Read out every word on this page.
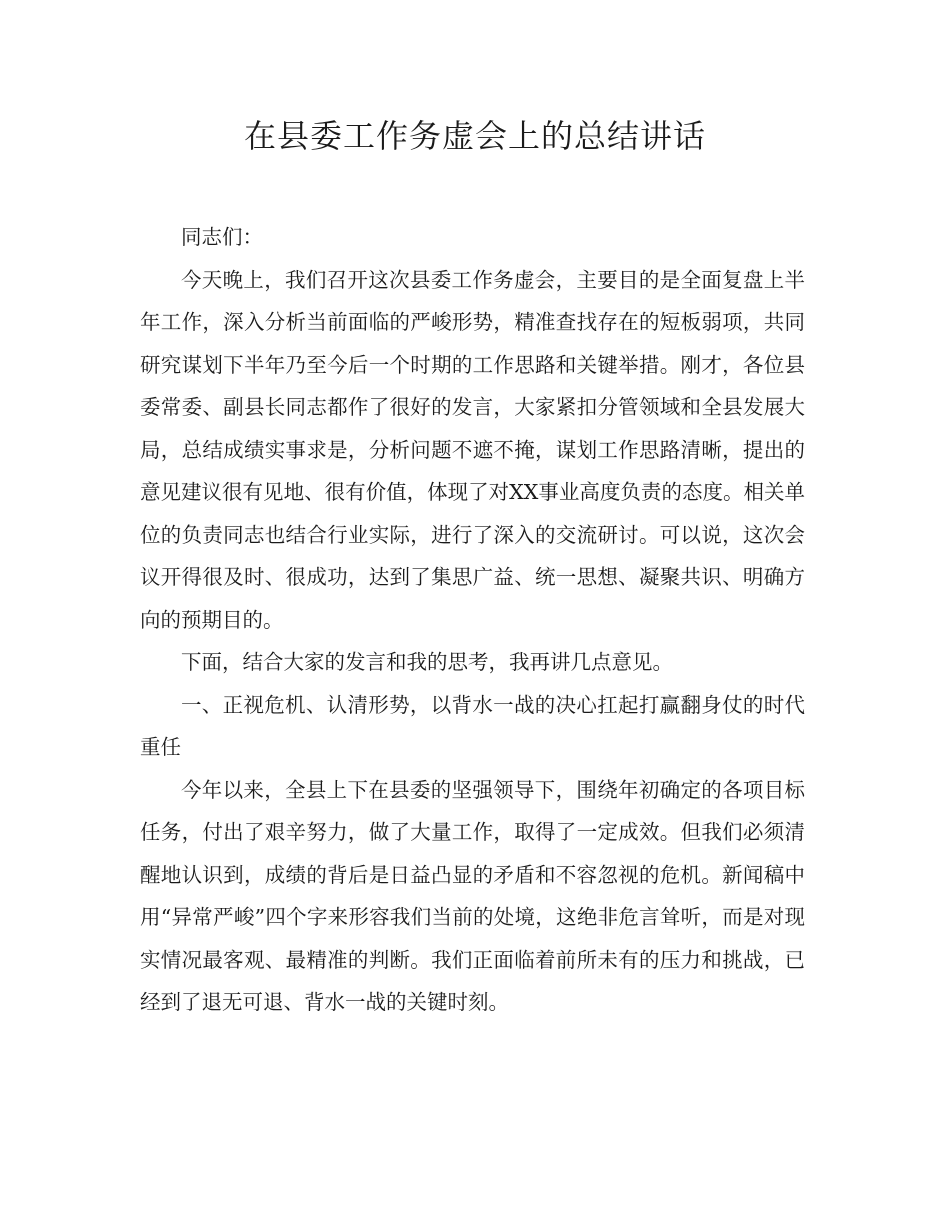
在县委工作务虚会上的总结讲话

同志们：

今天晚上，我们召开这次县委工作务虚会，主要目的是全面复盘上半年工作，深入分析当前面临的严峻形势，精准查找存在的短板弱项，共同研究谋划下半年乃至今后一个时期的工作思路和关键举措。刚才，各位县委常委、副县长同志都作了很好的发言，大家紧扣分管领域和全县发展大局，总结成绩实事求是，分析问题不遮不掩，谋划工作思路清晰，提出的意见建议很有见地、很有价值，体现了对XX事业高度负责的态度。相关单位的负责同志也结合行业实际，进行了深入的交流研讨。可以说，这次会议开得很及时、很成功，达到了集思广益、统一思想、凝聚共识、明确方向的预期目的。

下面，结合大家的发言和我的思考，我再讲几点意见。

一、正视危机、认清形势，以背水一战的决心扛起打赢翻身仗的时代重任

今年以来，全县上下在县委的坚强领导下，围绕年初确定的各项目标任务，付出了艰辛努力，做了大量工作，取得了一定成效。但我们必须清醒地认识到，成绩的背后是日益凸显的矛盾和不容忽视的危机。新闻稿中用“异常严峻”四个字来形容我们当前的处境，这绝非危言耸听，而是对现实情况最客观、最精准的判断。我们正面临着前所未有的压力和挑战，已经到了退无可退、背水一战的关键时刻。
